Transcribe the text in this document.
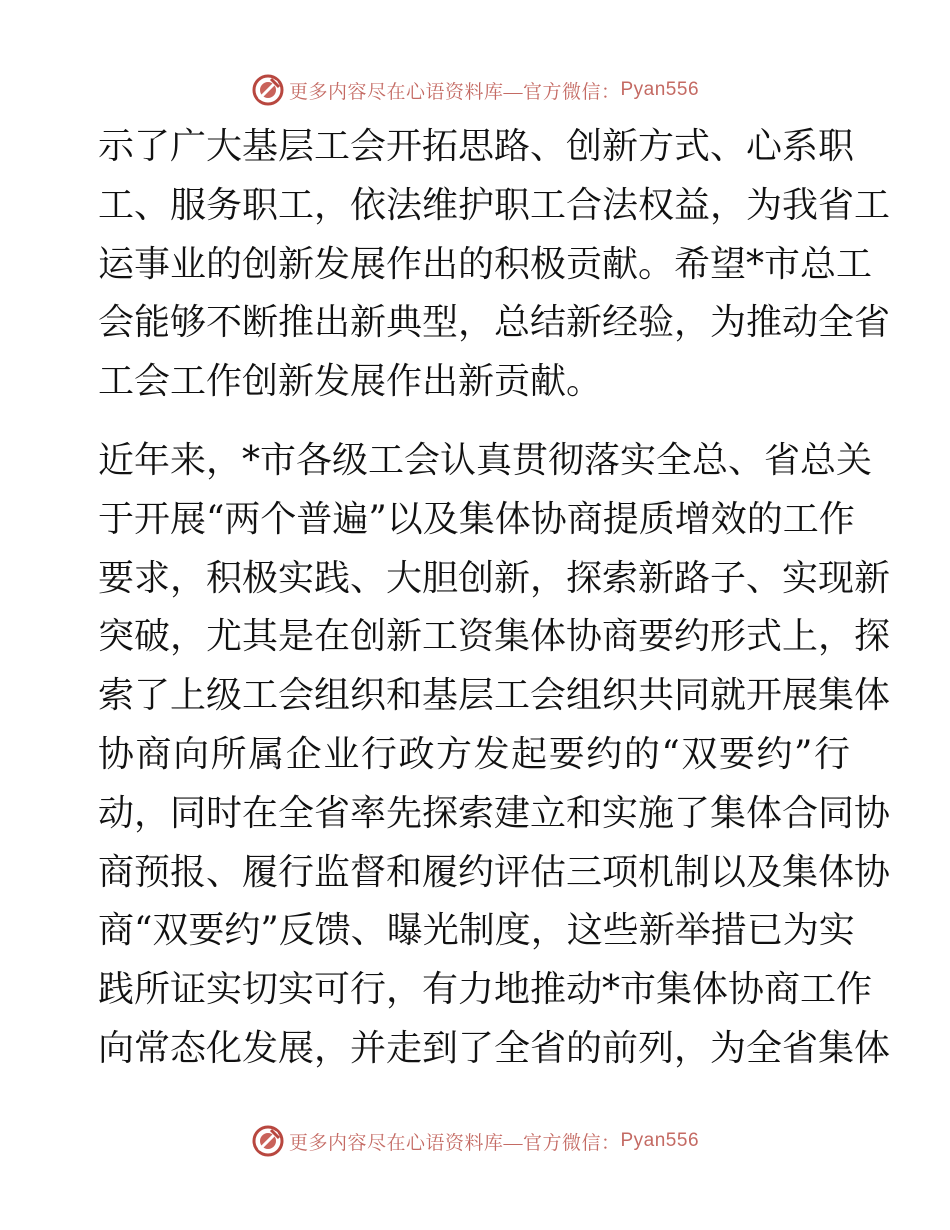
更多内容尽在心语资料库—官方微信： Pyan556
示了广大基层工会开拓思路、创新方式、心系职
工、服务职工，依法维护职工合法权益，为我省工
运事业的创新发展作出的积极贡献。希望*市总工
会能够不断推出新典型，总结新经验，为推动全省
工会工作创新发展作出新贡献。
近年来，*市各级工会认真贯彻落实全总、省总关
于开展“两个普遍”以及集体协商提质增效的工作
要求，积极实践、大胆创新，探索新路子、实现新
突破，尤其是在创新工资集体协商要约形式上，探
索了上级工会组织和基层工会组织共同就开展集体
协商向所属企业行政方发起要约的“双要约”行
动，同时在全省率先探索建立和实施了集体合同协
商预报、履行监督和履约评估三项机制以及集体协
商“双要约”反馈、曝光制度，这些新举措已为实
践所证实切实可行，有力地推动*市集体协商工作
向常态化发展，并走到了全省的前列，为全省集体
更多内容尽在心语资料库—官方微信： Pyan556
